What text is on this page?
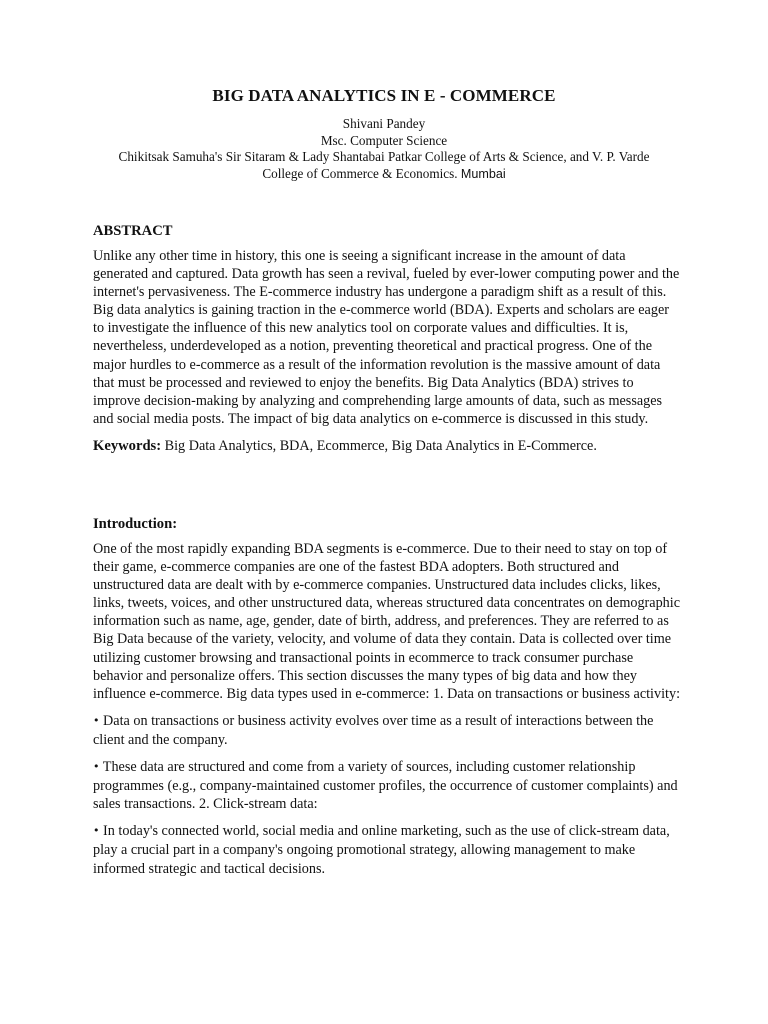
BIG DATA ANALYTICS IN E - COMMERCE
Shivani Pandey
Msc. Computer Science
Chikitsak Samuha's Sir Sitaram & Lady Shantabai Patkar College of Arts & Science, and V. P. Varde
College of Commerce & Economics. Mumbai
ABSTRACT

Unlike any other time in history, this one is seeing a significant increase in the amount of data generated and captured. Data growth has seen a revival, fueled by ever-lower computing power and the internet's pervasiveness. The E-commerce industry has undergone a paradigm shift as a result of this. Big data analytics is gaining traction in the e-commerce world (BDA). Experts and scholars are eager to investigate the influence of this new analytics tool on corporate values and difficulties. It is, nevertheless, underdeveloped as a notion, preventing theoretical and practical progress. One of the major hurdles to e-commerce as a result of the information revolution is the massive amount of data that must be processed and reviewed to enjoy the benefits. Big Data Analytics (BDA) strives to improve decision-making by analyzing and comprehending large amounts of data, such as messages and social media posts. The impact of big data analytics on e-commerce is discussed in this study.

Keywords: Big Data Analytics, BDA, Ecommerce, Big Data Analytics in E-Commerce.

Introduction:

One of the most rapidly expanding BDA segments is e-commerce. Due to their need to stay on top of their game, e-commerce companies are one of the fastest BDA adopters. Both structured and unstructured data are dealt with by e-commerce companies. Unstructured data includes clicks, likes, links, tweets, voices, and other unstructured data, whereas structured data concentrates on demographic information such as name, age, gender, date of birth, address, and preferences. They are referred to as Big Data because of the variety, velocity, and volume of data they contain. Data is collected over time utilizing customer browsing and transactional points in ecommerce to track consumer purchase behavior and personalize offers. This section discusses the many types of big data and how they influence e-commerce. Big data types used in e-commerce: 1. Data on transactions or business activity:

• Data on transactions or business activity evolves over time as a result of interactions between the client and the company.

• These data are structured and come from a variety of sources, including customer relationship programmes (e.g., company-maintained customer profiles, the occurrence of customer complaints) and sales transactions. 2. Click-stream data:

• In today's connected world, social media and online marketing, such as the use of click-stream data, play a crucial part in a company's ongoing promotional strategy, allowing management to make informed strategic and tactical decisions.
